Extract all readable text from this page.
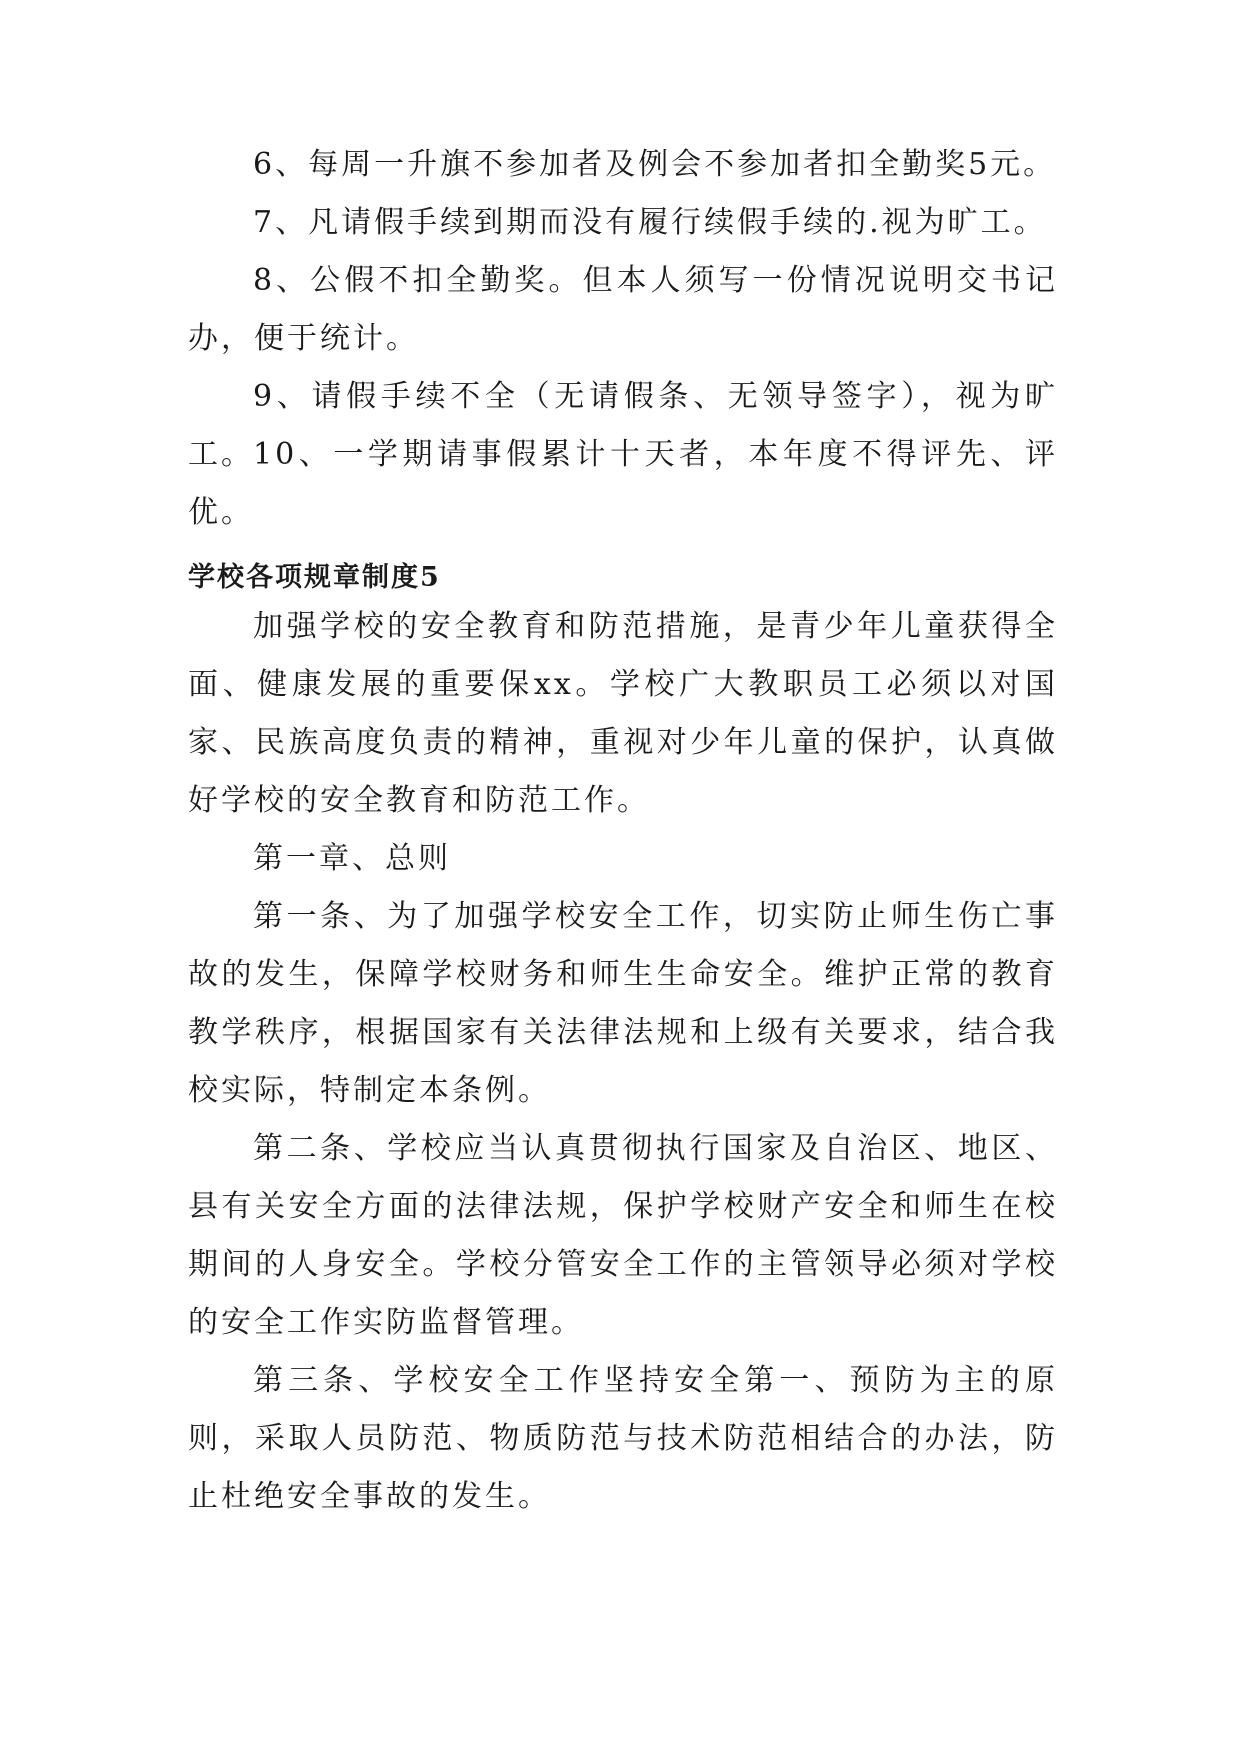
6、每周一升旗不参加者及例会不参加者扣全勤奖5元。

7、凡请假手续到期而没有履行续假手续的.视为旷工。

8、公假不扣全勤奖。但本人须写一份情况说明交书记办，便于统计。

9、请假手续不全（无请假条、无领导签字），视为旷工。 10、一学期请事假累计十天者，本年度不得评先、评优。

学校各项规章制度5

加强学校的安全教育和防范措施，是青少年儿童获得全面、健康发展的重要保xx。学校广大教职员工必须以对国家、民族高度负责的精神，重视对少年儿童的保护，认真做好学校的安全教育和防范工作。

第一章、总则

第一条、为了加强学校安全工作，切实防止师生伤亡事故的发生，保障学校财务和师生生命安全。维护正常的教育教学秩序，根据国家有关法律法规和上级有关要求，结合我校实际，特制定本条例。

第二条、学校应当认真贯彻执行国家及自治区、地区、县有关安全方面的法律法规，保护学校财产安全和师生在校期间的人身安全。学校分管安全工作的主管领导必须对学校的安全工作实防监督管理。

第三条、学校安全工作坚持安全第一、预防为主的原则，采取人员防范、物质防范与技术防范相结合的办法，防止杜绝安全事故的发生。
